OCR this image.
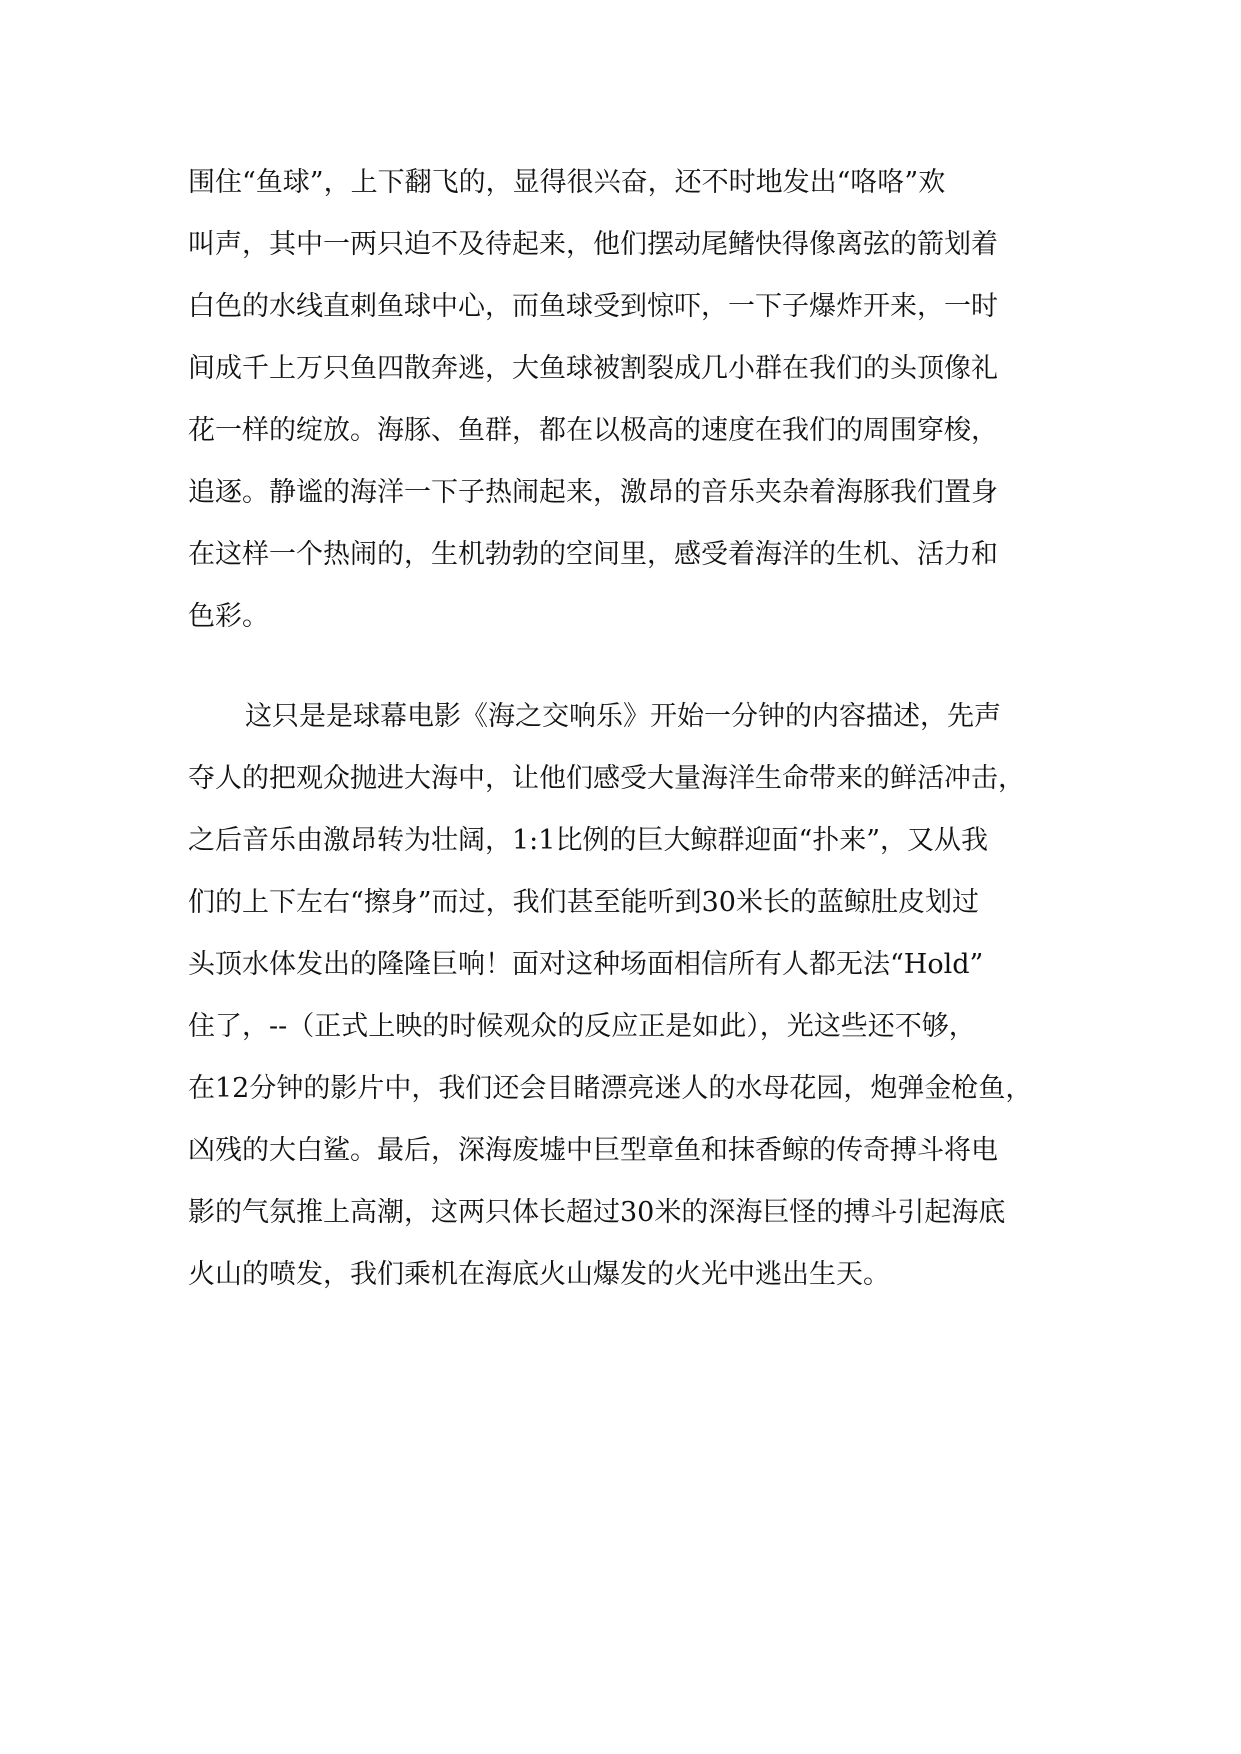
围住“鱼球”，上下翻飞的，显得很兴奋，还不时地发出“咯咯”欢
叫声，其中一两只迫不及待起来，他们摆动尾鳍快得像离弦的箭划着
白色的水线直刺鱼球中心，而鱼球受到惊吓，一下子爆炸开来，一时
间成千上万只鱼四散奔逃，大鱼球被割裂成几小群在我们的头顶像礼
花一样的绽放。海豚、鱼群，都在以极高的速度在我们的周围穿梭，
追逐。静谧的海洋一下子热闹起来，激昂的音乐夹杂着海豚我们置身
在这样一个热闹的，生机勃勃的空间里，感受着海洋的生机、活力和
色彩。
这只是是球幕电影《海之交响乐》开始一分钟的内容描述，先声
夺人的把观众抛进大海中，让他们感受大量海洋生命带来的鲜活冲击，
之后音乐由激昂转为壮阔，1:1比例的巨大鲸群迎面“扑来”，又从我
们的上下左右“擦身”而过，我们甚至能听到30米长的蓝鲸肚皮划过
头顶水体发出的隆隆巨响！面对这种场面相信所有人都无法“Hold”
住了，--（正式上映的时候观众的反应正是如此），光这些还不够，
在12分钟的影片中，我们还会目睹漂亮迷人的水母花园，炮弹金枪鱼，
凶残的大白鲨。最后，深海废墟中巨型章鱼和抹香鲸的传奇搏斗将电
影的气氛推上高潮，这两只体长超过30米的深海巨怪的搏斗引起海底
火山的喷发，我们乘机在海底火山爆发的火光中逃出生天。
